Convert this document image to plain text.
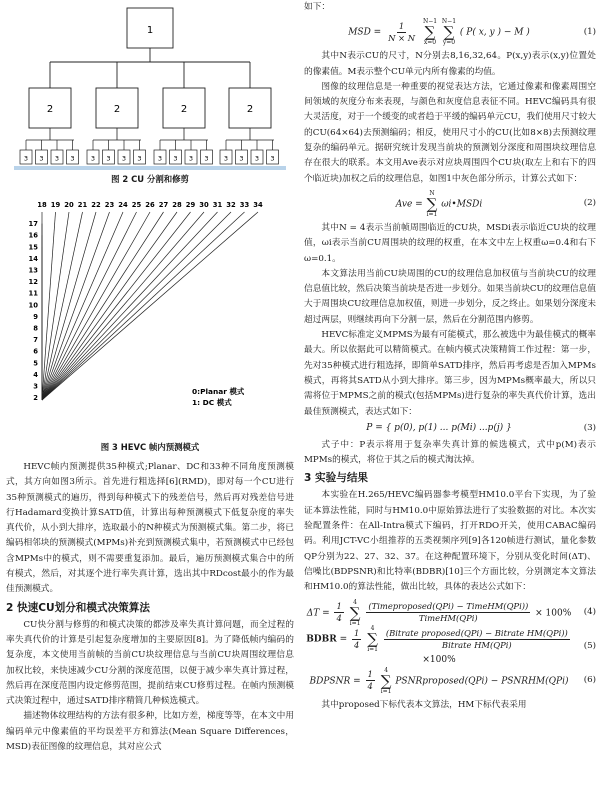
1
2	2	2	2
3 3 3 3	3 3 3 3	3 3 3 3 3 3 3 3
图 2 CU 分割和修剪
0:Planar 模式
1: DC 模式
18 19 20 21 22 23 24 25 26 27 28 29 30 31 32 33 34
17
16
15
14
13
12
11
10
9
8
7
6
5
4
3
2
图 3 HEVC 帧内预测模式

HEVC帧内预测提供35种模式;Planar、DC和33种不同角度预测模式，其方向如图3所示。首先进行粗选择[6](RMD)，即对每一个CU进行35种预测模式的遍历，得到每种模式下的残差信号，然后再对残差信号进行Hadamard变换计算SATD值，计算出每种预测模式下低复杂度的率失真代价，从小到大排序，选取最小的N种模式为预测模式集。第二步，将已编码相邻块的预测模式(MPMs)补充到预测模式集中，若预测模式中已经包含MPMs中的模式，则不需要重复添加。最后，遍历预测模式集合中的所有模式，然后，对其逐个进行率失真计算，选出其中RDcost最小的作为最佳预测模式。

2 快速CU划分和模式决策算法

CU快分割与修剪的和模式决策的都涉及率失真计算问题，而全过程的率失真代价的计算是引起复杂度增加的主要原因[8]。为了降低帧内编码的复杂度，本文使用当前帧的当前CU块纹理信息与当前CU块周围纹理信息加权比较，来快速减少CU分割的深度范围，以便于减少率失真计算过程，然后再在深度范围内设定修剪范围，提前结束CU修剪过程。在帧内预测模式决策过程中，通过SATD排序精简几种候选模式。

描述物体纹理结构的方法有很多种，比如方差，梯度等等，在本文中用编码单元中像素值的平均误差平方和算法(Mean Square Differences，MSD)表征图像的纹理信息，其对应公式

如下：

MSD = $\frac{1}{N \times N}$
N−1
∑
x=0

N−1
∑
y=0
( P( x, y ) − M )	(1)

其中N表示CU的尺寸，N分别去8,16,32,64。P(x,y)表示(x,y)位置处的像素值。M表示整个CU单元内所有像素的均值。

图像的纹理信息是一种重要的视觉表达方法，它通过像素和像素周围空间领域的灰度分布来表现，与颜色和灰度信息表征不同。HEVC编码具有很大灵活度，对于一个缓变的或者趋于平缓的编码单元CU，我们使用尺寸较大的CU(64×64)去预测编码；相反，使用尺寸小的CU(比如8×8)去预测纹理复杂的编码单元。据研究统计发现当前块的预测划分深度和周围块纹理信息存在很大的联系。本文用Ave表示对应块周围四个CU块(取左上和右下的四个临近块)加权之后的纹理信息，如图1中灰色部分所示，计算公式如下：

Ave =
N
∑
i=1
ωi•MSDi	(2)

其中N = 4表示当前帧周围临近的CU块，MSDi表示临近CU块的纹理值，ωi表示当前CU周围块的纹理的权重，在本文中左上权重ω=0.4和右下ω=0.1。

本文算法用当前CU块周围的CU的纹理信息加权值与当前块CU的纹理信息值比较，然后决策当前块是否进一步划分。如果当前块CU的纹理信息值大于周围块CU纹理信息加权值，则进一步划分，反之终止。如果划分深度未超过两层，则继续再向下分割一层，然后在分割范围内修剪。

HEVC标准定义MPMS为最有可能模式，那么被选中为最佳模式的概率最大。所以依据此可以精简模式。在帧内模式决策精简工作过程：第一步，先对35种模式进行粗选择，即简单SATD排序，然后再考虑是否加入MPMs模式，再将其SATD从小到大排序。第三步，因为MPMs概率最大，所以只需将位于MPMS之前的模式(包括MPMs)进行复杂的率失真代价计算，选出最佳预测模式，表达式如下：

P = { p(0), p(1) ... p(Mi) ...p(j) }	(3)

式子中：P表示将用于复杂率失真计算的候选模式，式中p(M)表示MPMs的模式，将位于其之后的模式淘汰掉。

3 实验与结果

本实验在H.265/HEVC编码器参考模型HM10.0平台下实现，为了验证本算法性能，同时与HM10.0中原始算法进行了实验数据的对比。本次实验配置条件：在All-Intra模式下编码，打开RDO开关，使用CABAC编码码。利用JCT-VC小组推荐的五类视频序列[9]各120帧进行测试，量化参数QP分别为22、27、32、37。在这种配置环境下，分别从变化时间(ΔT)、信噪比(BDPSNR)和比特率(BDBR)[10]三个方面比较，分别测定本文算法和HM10.0的算法性能，做出比较，具体的表达公式如下：

$\Delta T = \frac{1}{4}$
4
∑
i=1
$\frac{\text{(Timeproposed(QPi) − TimeHM(QPi))}}{\text{TimeHM(QPi)}} \times 100\%$	(4)
BDBR = $\frac{1}{4}$
4
∑
i=1
$\frac{\text{(Bitrate proposed(QPi) − Bitrate HM(QPi))}}{\text{Bitrate HM(QPi)}}$
×100%
(5)
BDPSNR = $\frac{1}{4}$
4
∑
i=1
PSNRproposed(QPi) − PSNRHM(QPi)	(6)

其中proposed下标代表本文算法，HM下标代表采用
